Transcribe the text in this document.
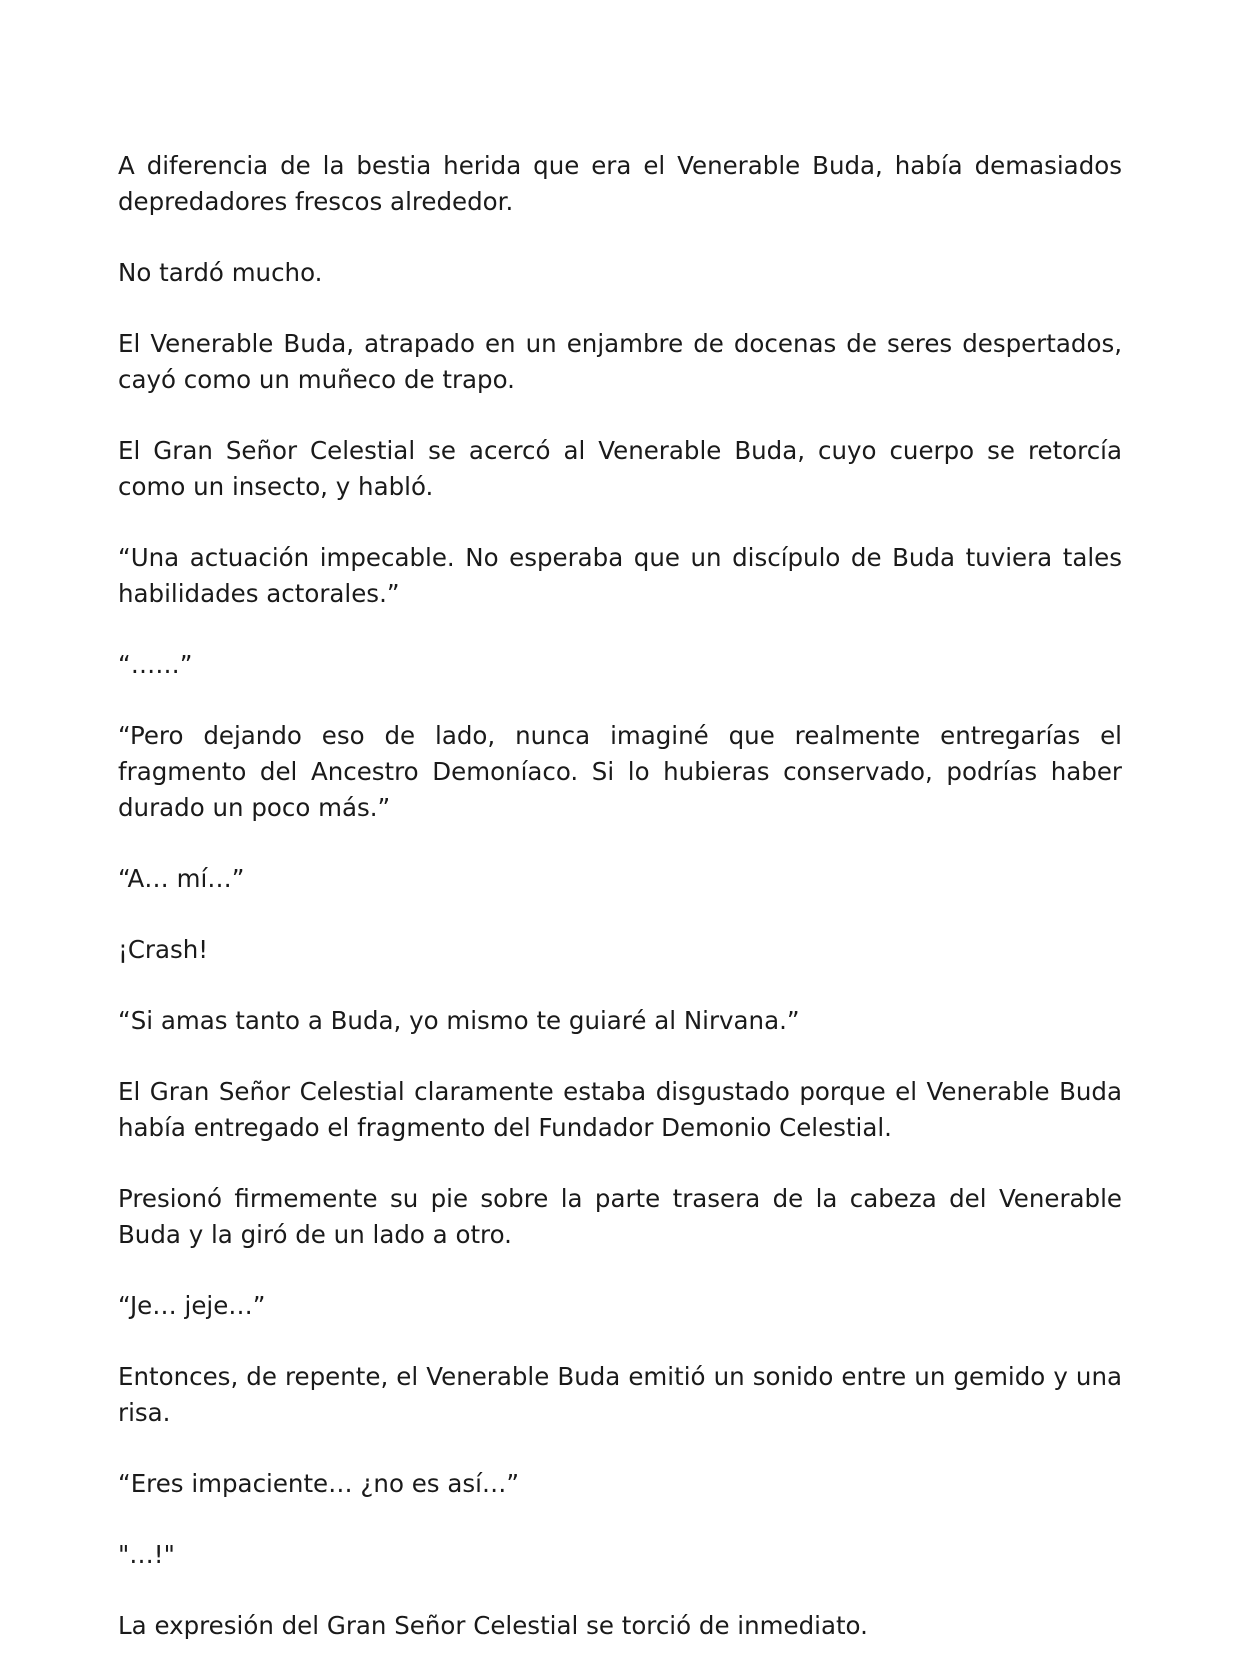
A diferencia de la bestia herida que era el Venerable Buda, había demasiados depredadores frescos alrededor.

No tardó mucho.

El Venerable Buda, atrapado en un enjambre de docenas de seres despertados, cayó como un muñeco de trapo.

El Gran Señor Celestial se acercó al Venerable Buda, cuyo cuerpo se retorcía como un insecto, y habló.

“Una actuación impecable. No esperaba que un discípulo de Buda tuviera tales habilidades actorales.”

“……”

“Pero dejando eso de lado, nunca imaginé que realmente entregarías el fragmento del Ancestro Demoníaco. Si lo hubieras conservado, podrías haber durado un poco más.”

“A… mí…”

¡Crash!

“Si amas tanto a Buda, yo mismo te guiaré al Nirvana.”

El Gran Señor Celestial claramente estaba disgustado porque el Venerable Buda había entregado el fragmento del Fundador Demonio Celestial.

Presionó firmemente su pie sobre la parte trasera de la cabeza del Venerable Buda y la giró de un lado a otro.

“Je… jeje…”

Entonces, de repente, el Venerable Buda emitió un sonido entre un gemido y una risa.

“Eres impaciente… ¿no es así…”

"…!"

La expresión del Gran Señor Celestial se torció de inmediato.
